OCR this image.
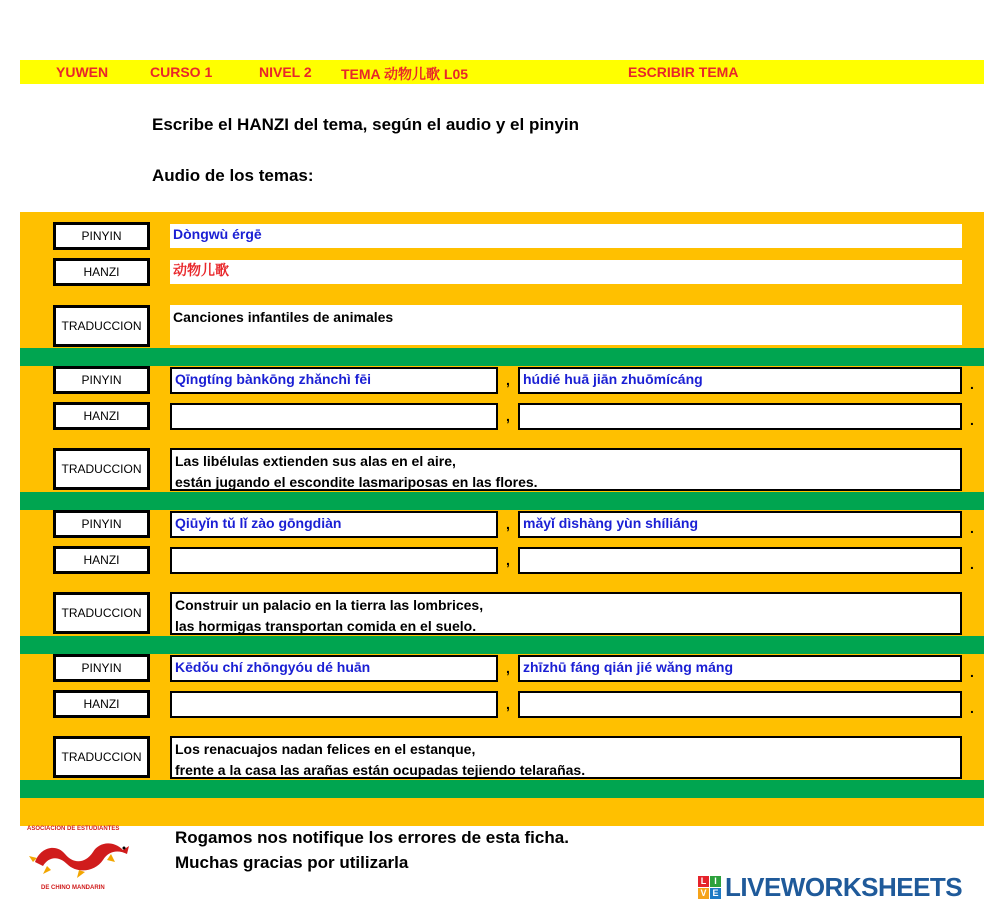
YUWEN	CURSO 1	NIVEL 2 TEMA 动物儿歌 L05	ESCRIBIR TEMA
Escribe el HANZI del tema, según el audio y el pinyin
Audio de los temas:
PINYIN	Dòngwù érgē
HANZI	动物儿歌
TRADUCCION
Canciones infantiles de animales
PINYIN	Qīngtíng bànkōng zhǎnchì fēi	, húdié huā jiān zhuōmícáng	.
HANZI	,	.
TRADUCCION Las libélulas extienden sus alas en el aire,
están jugando el escondite lasmariposas en las flores.
PINYIN	Qiūyǐn tǔ lǐ zào gōngdiàn	, mǎyǐ dìshàng yùn shíliáng	.
HANZI	,	.
TRADUCCION Construir un palacio en la tierra las lombrices,
las hormigas transportan comida en el suelo.
PINYIN	Kēdǒu chí zhōngyóu dé huān	, zhīzhū fáng qián jié wǎng máng	.
HANZI	,	.
TRADUCCION Los renacuajos nadan felices en el estanque,
frente a la casa las arañas están ocupadas tejiendo telarañas.
Rogamos nos notifique los errores de esta ficha.
Muchas gracias por utilizarla
ASOCIACION DE ESTUDIANTES
DE CHINO MANDARIN
L I
V E LIVEWORKSHEETS
